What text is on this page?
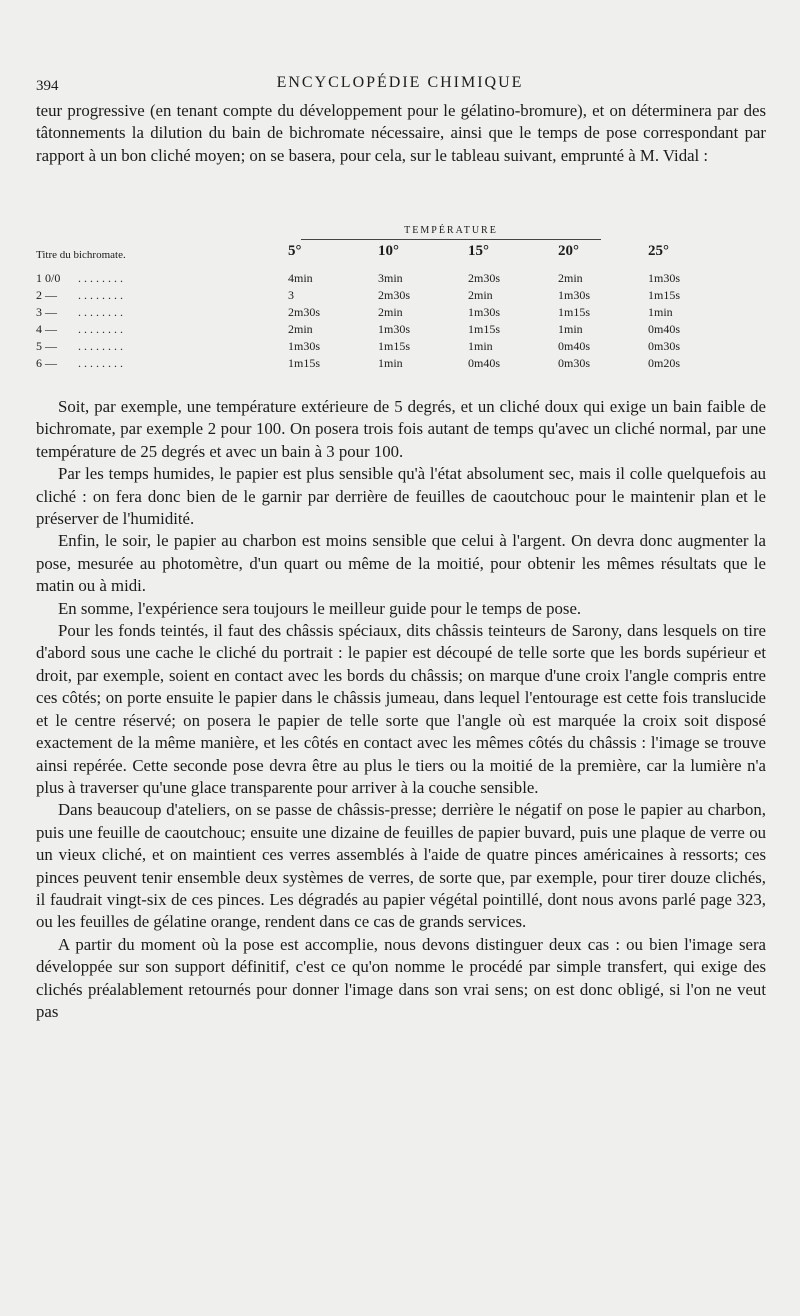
394	ENCYCLOPÉDIE CHIMIQUE

teur progressive (en tenant compte du développement pour le gélatino-bromure), et on déterminera par des tâtonnements la dilution du bain de bichromate nécessaire, ainsi que le temps de pose correspondant par rapport à un bon cliché moyen; on se basera, pour cela, sur le tableau suivant, emprunté à M. Vidal :

TEMPÉRATURE
Titre du bichromate.	5°	10°	15°	20°	25°
1 0/0 ........	4min	3min	2m30s	2min	1m30s
2 — ........	3	2m30s	2min	1m30s	1m15s
3 — ........	2m30s	2min	1m30s	1m15s	1min
4 — ........	2min	1m30s	1m15s	1min	0m40s
5 — ........	1m30s	1m15s	1min	0m40s	0m30s
6 — ........	1m15s	1min	0m40s	0m30s	0m20s

Soit, par exemple, une température extérieure de 5 degrés, et un cliché doux qui exige un bain faible de bichromate, par exemple 2 pour 100. On posera trois fois autant de temps qu'avec un cliché normal, par une température de 25 degrés et avec un bain à 3 pour 100.

Par les temps humides, le papier est plus sensible qu'à l'état absolument sec, mais il colle quelquefois au cliché : on fera donc bien de le garnir par derrière de feuilles de caoutchouc pour le maintenir plan et le préserver de l'humidité.

Enfin, le soir, le papier au charbon est moins sensible que celui à l'argent. On devra donc augmenter la pose, mesurée au photomètre, d'un quart ou même de la moitié, pour obtenir les mêmes résultats que le matin ou à midi.

En somme, l'expérience sera toujours le meilleur guide pour le temps de pose.

Pour les fonds teintés, il faut des châssis spéciaux, dits châssis teinteurs de Sarony, dans lesquels on tire d'abord sous une cache le cliché du portrait : le papier est découpé de telle sorte que les bords supérieur et droit, par exemple, soient en contact avec les bords du châssis; on marque d'une croix l'angle compris entre ces côtés; on porte ensuite le papier dans le châssis jumeau, dans lequel l'entourage est cette fois translucide et le centre réservé; on posera le papier de telle sorte que l'angle où est marquée la croix soit disposé exactement de la même manière, et les côtés en contact avec les mêmes côtés du châssis : l'image se trouve ainsi repérée. Cette seconde pose devra être au plus le tiers ou la moitié de la première, car la lumière n'a plus à traverser qu'une glace transparente pour arriver à la couche sensible.

Dans beaucoup d'ateliers, on se passe de châssis-presse; derrière le négatif on pose le papier au charbon, puis une feuille de caoutchouc; ensuite une dizaine de feuilles de papier buvard, puis une plaque de verre ou un vieux cliché, et on maintient ces verres assemblés à l'aide de quatre pinces américaines à ressorts; ces pinces peuvent tenir ensemble deux systèmes de verres, de sorte que, par exemple, pour tirer douze clichés, il faudrait vingt-six de ces pinces. Les dégradés au papier végétal pointillé, dont nous avons parlé page 323, ou les feuilles de gélatine orange, rendent dans ce cas de grands services.

A partir du moment où la pose est accomplie, nous devons distinguer deux cas : ou bien l'image sera développée sur son support définitif, c'est ce qu'on nomme le procédé par simple transfert, qui exige des clichés préalablement retournés pour donner l'image dans son vrai sens; on est donc obligé, si l'on ne veut pas
